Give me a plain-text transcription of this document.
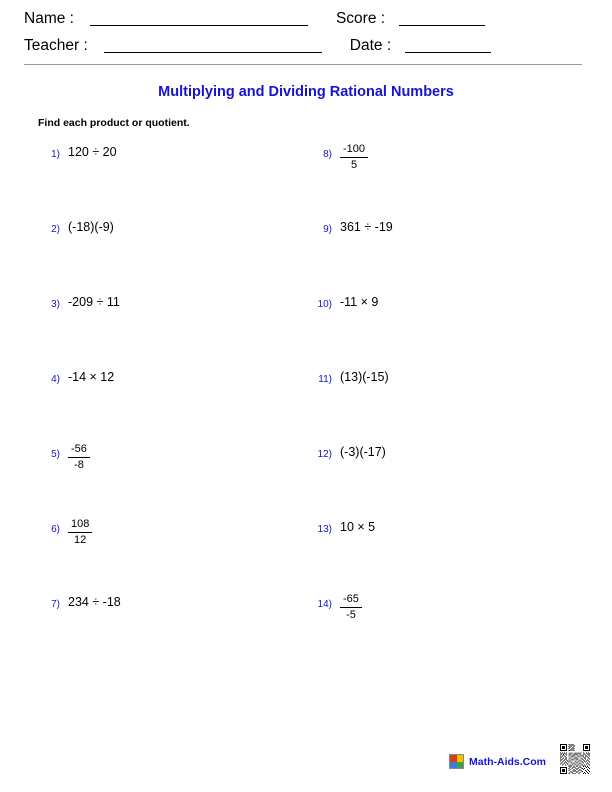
Name :	Score :
Teacher :	Date :
Multiplying and Dividing Rational Numbers
Find each product or quotient.
1) 120 ÷ 20
2) (-18)(-9)
3) -209 ÷ 11
4) -14 × 12
$5) \frac{-56}{-8}$
$6) \frac{108}{12}$
7) 234 ÷ -18
$8) \frac{-100}{5}$
9) 361 ÷ -19
10) -11 × 9
11) (13)(-15)
12) (-3)(-17)
13) 10 × 5
$14) \frac{-65}{-5}$
Math-Aids.Com
